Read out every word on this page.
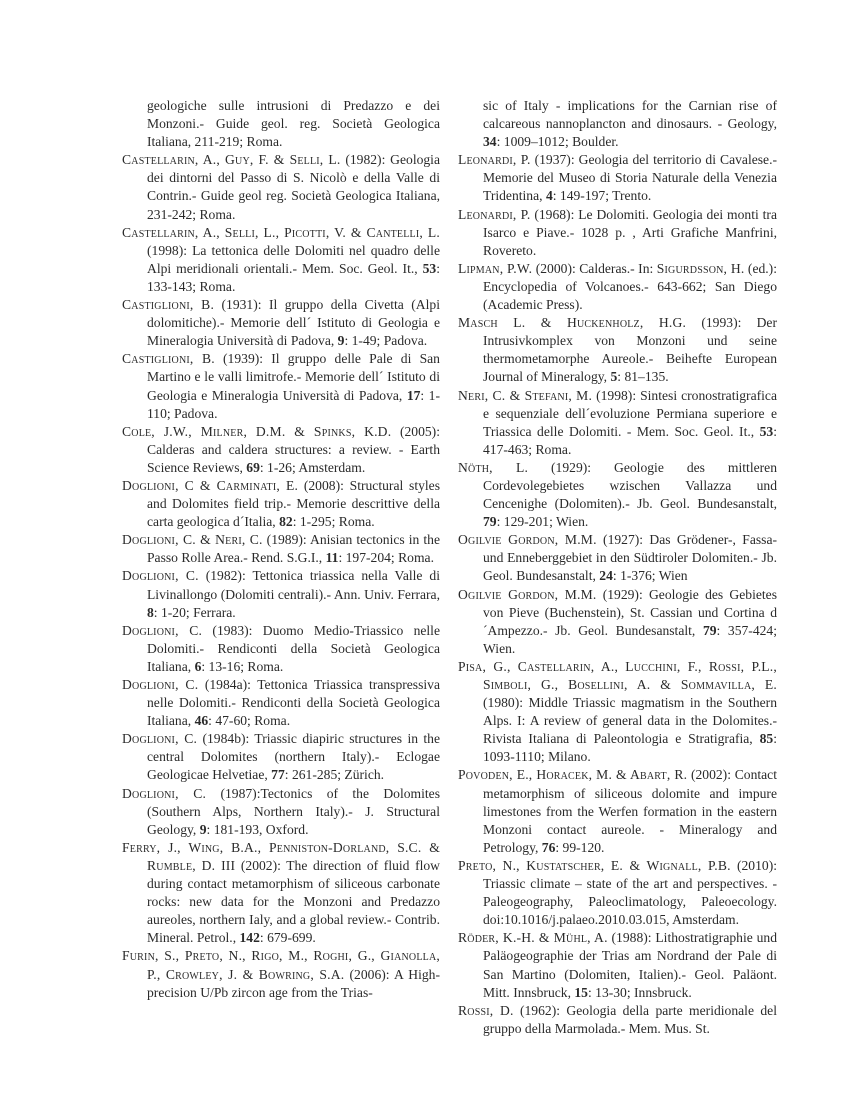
geologiche sulle intrusioni di Predazzo e dei Monzoni.- Guide geol. reg. Società Geologica Italiana, 211-219; Roma.
Castellarin, A., Guy, F. & Selli, L. (1982): Geologia dei dintorni del Passo di S. Nicolò e della Valle di Contrin.- Guide geol reg. Società Geologica Italiana, 231-242; Roma.
Castellarin, A., Selli, L., Picotti, V. & Cantelli, L. (1998): La tettonica delle Dolomiti nel quadro delle Alpi meridionali orientali.- Mem. Soc. Geol. It., 53: 133-143; Roma.
Castiglioni, B. (1931): Il gruppo della Civetta (Alpi dolomitiche).- Memorie dell´ Istituto di Geologia e Mineralogia Università di Padova, 9: 1-49; Padova.
Castiglioni, B. (1939): Il gruppo delle Pale di San Martino e le valli limitrofe.- Memorie dell´ Istituto di Geologia e Mineralogia Università di Padova, 17: 1-110; Padova.
Cole, J.W., Milner, D.M. & Spinks, K.D. (2005): Calderas and caldera structures: a review. - Earth Science Reviews, 69: 1-26; Amsterdam.
Doglioni, C & Carminati, E. (2008): Structural styles and Dolomites field trip.- Memorie descrittive della carta geologica d´Italia, 82: 1-295; Roma.
Doglioni, C. & Neri, C. (1989): Anisian tectonics in the Passo Rolle Area.- Rend. S.G.I., 11: 197-204; Roma.
Doglioni, C. (1982): Tettonica triassica nella Valle di Livinallongo (Dolomiti centrali).- Ann. Univ. Ferrara, 8: 1-20; Ferrara.
Doglioni, C. (1983): Duomo Medio-Triassico nelle Dolomiti.- Rendiconti della Società Geologica Italiana, 6: 13-16; Roma.
Doglioni, C. (1984a): Tettonica Triassica transpressiva nelle Dolomiti.- Rendiconti della Società Geologica Italiana, 46: 47-60; Roma.
Doglioni, C. (1984b): Triassic diapiric structures in the central Dolomites (northern Italy).- Eclogae Geologicae Helvetiae, 77: 261-285; Zürich.
Doglioni, C. (1987):Tectonics of the Dolomites (Southern Alps, Northern Italy).- J. Structural Geology, 9: 181-193, Oxford.
Ferry, J., Wing, B.A., Penniston-Dorland, S.C. & Rumble, D. III (2002): The direction of fluid flow during contact metamorphism of siliceous carbonate rocks: new data for the Monzoni and Predazzo aureoles, northern Ialy, and a global review.- Contrib. Mineral. Petrol., 142: 679-699.
Furin, S., Preto, N., Rigo, M., Roghi, G., Gianolla, P., Crowley, J. & Bowring, S.A. (2006): A High-precision U/Pb zircon age from the Trias-
sic of Italy - implications for the Carnian rise of calcareous nannoplancton and dinosaurs. - Geology, 34: 1009–1012; Boulder.
Leonardi, P. (1937): Geologia del territorio di Cavalese.- Memorie del Museo di Storia Naturale della Venezia Tridentina, 4: 149-197; Trento.
Leonardi, P. (1968): Le Dolomiti. Geologia dei monti tra Isarco e Piave.- 1028 p. , Arti Grafiche Manfrini, Rovereto.
Lipman, P.W. (2000): Calderas.- In: Sigurdsson, H. (ed.): Encyclopedia of Volcanoes.- 643-662; San Diego (Academic Press).
Masch L. & Huckenholz, H.G. (1993): Der Intrusivkomplex von Monzoni und seine thermometamorphe Aureole.- Beihefte European Journal of Mineralogy, 5: 81–135.
Neri, C. & Stefani, M. (1998): Sintesi cronostratigrafica e sequenziale dell´evoluzione Permiana superiore e Triassica delle Dolomiti. - Mem. Soc. Geol. It., 53: 417-463; Roma.
Nöth, L. (1929): Geologie des mittleren Cordevolegebietes wzischen Vallazza und Cencenighe (Dolomiten).- Jb. Geol. Bundesanstalt, 79: 129-201; Wien.
Ogilvie Gordon, M.M. (1927): Das Grödener-, Fassa- und Enneberggebiet in den Südtiroler Dolomiten.- Jb. Geol. Bundesanstalt, 24: 1-376; Wien
Ogilvie Gordon, M.M. (1929): Geologie des Gebietes von Pieve (Buchenstein), St. Cassian und Cortina d´Ampezzo.- Jb. Geol. Bundesanstalt, 79: 357-424; Wien.
Pisa, G., Castellarin, A., Lucchini, F., Rossi, P.L., Simboli, G., Bosellini, A. & Sommavilla, E. (1980): Middle Triassic magmatism in the Southern Alps. I: A review of general data in the Dolomites.- Rivista Italiana di Paleontologia e Stratigrafia, 85: 1093-1110; Milano.
Povoden, E., Horacek, M. & Abart, R. (2002): Contact metamorphism of siliceous dolomite and impure limestones from the Werfen formation in the eastern Monzoni contact aureole. - Mineralogy and Petrology, 76: 99-120.
Preto, N., Kustatscher, E. & Wignall, P.B. (2010): Triassic climate – state of the art and perspectives. - Paleogeography, Paleoclimatology, Paleoecology. doi:10.1016/j.palaeo.2010.03.015, Amsterdam.
Röder, K.-H. & Mühl, A. (1988): Lithostratigraphie und Paläogeographie der Trias am Nordrand der Pale di San Martino (Dolomiten, Italien).- Geol. Paläont. Mitt. Innsbruck, 15: 13-30; Innsbruck.
Rossi, D. (1962): Geologia della parte meridionale del gruppo della Marmolada.- Mem. Mus. St.
